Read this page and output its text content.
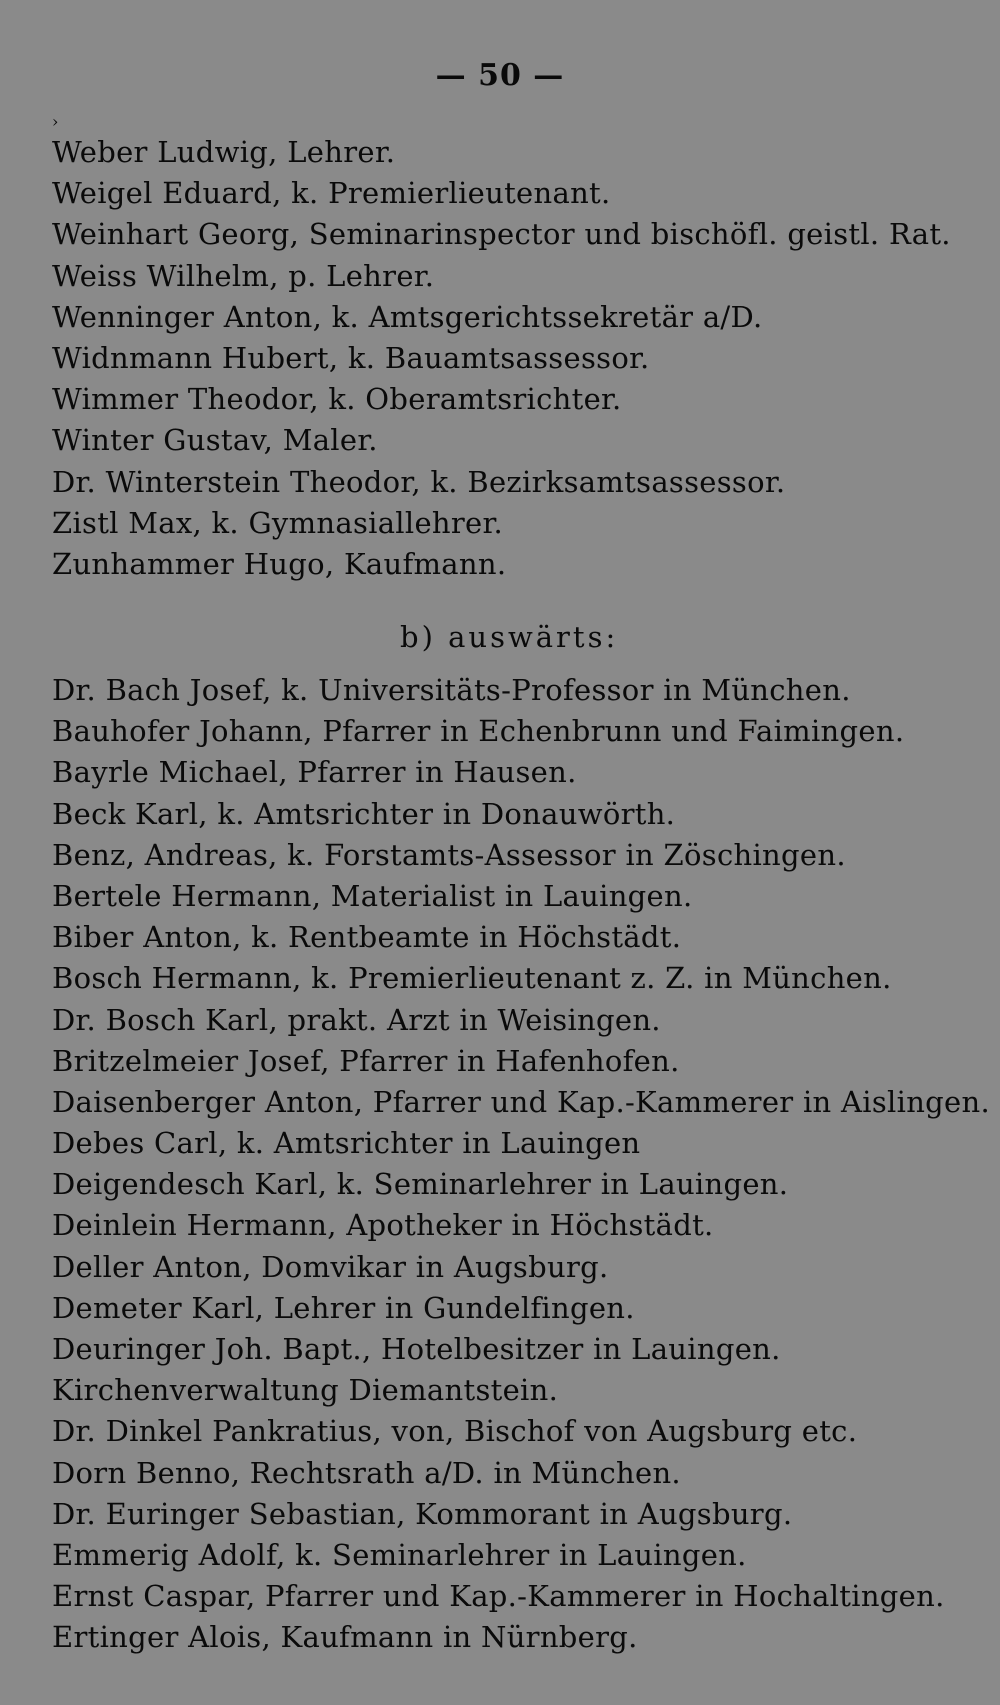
— 50 —
›
Weber Ludwig, Lehrer.
Weigel Eduard, k. Premierlieutenant.
Weinhart Georg, Seminarinspector und bischöfl. geistl. Rat.
Weiss Wilhelm, p. Lehrer.
Wenninger Anton, k. Amtsgerichtssekretär a/D.
Widnmann Hubert, k. Bauamtsassessor.
Wimmer Theodor, k. Oberamtsrichter.
Winter Gustav, Maler.
Dr. Winterstein Theodor, k. Bezirksamtsassessor.
Zistl Max, k. Gymnasiallehrer.
Zunhammer Hugo, Kaufmann.
b) auswärts:
Dr. Bach Josef, k. Universitäts-Professor in München.
Bauhofer Johann, Pfarrer in Echenbrunn und Faimingen.
Bayrle Michael, Pfarrer in Hausen.
Beck Karl, k. Amtsrichter in Donauwörth.
Benz, Andreas, k. Forstamts-Assessor in Zöschingen.
Bertele Hermann, Materialist in Lauingen.
Biber Anton, k. Rentbeamte in Höchstädt.
Bosch Hermann, k. Premierlieutenant z. Z. in München.
Dr. Bosch Karl, prakt. Arzt in Weisingen.
Britzelmeier Josef, Pfarrer in Hafenhofen.
Daisenberger Anton, Pfarrer und Kap.-Kammerer in Aislingen.
Debes Carl, k. Amtsrichter in Lauingen
Deigendesch Karl, k. Seminarlehrer in Lauingen.
Deinlein Hermann, Apotheker in Höchstädt.
Deller Anton, Domvikar in Augsburg.
Demeter Karl, Lehrer in Gundelfingen.
Deuringer Joh. Bapt., Hotelbesitzer in Lauingen.
Kirchenverwaltung Diemantstein.
Dr. Dinkel Pankratius, von, Bischof von Augsburg etc.
Dorn Benno, Rechtsrath a/D. in München.
Dr. Euringer Sebastian, Kommorant in Augsburg.
Emmerig Adolf, k. Seminarlehrer in Lauingen.
Ernst Caspar, Pfarrer und Kap.-Kammerer in Hochaltingen.
Ertinger Alois, Kaufmann in Nürnberg.
